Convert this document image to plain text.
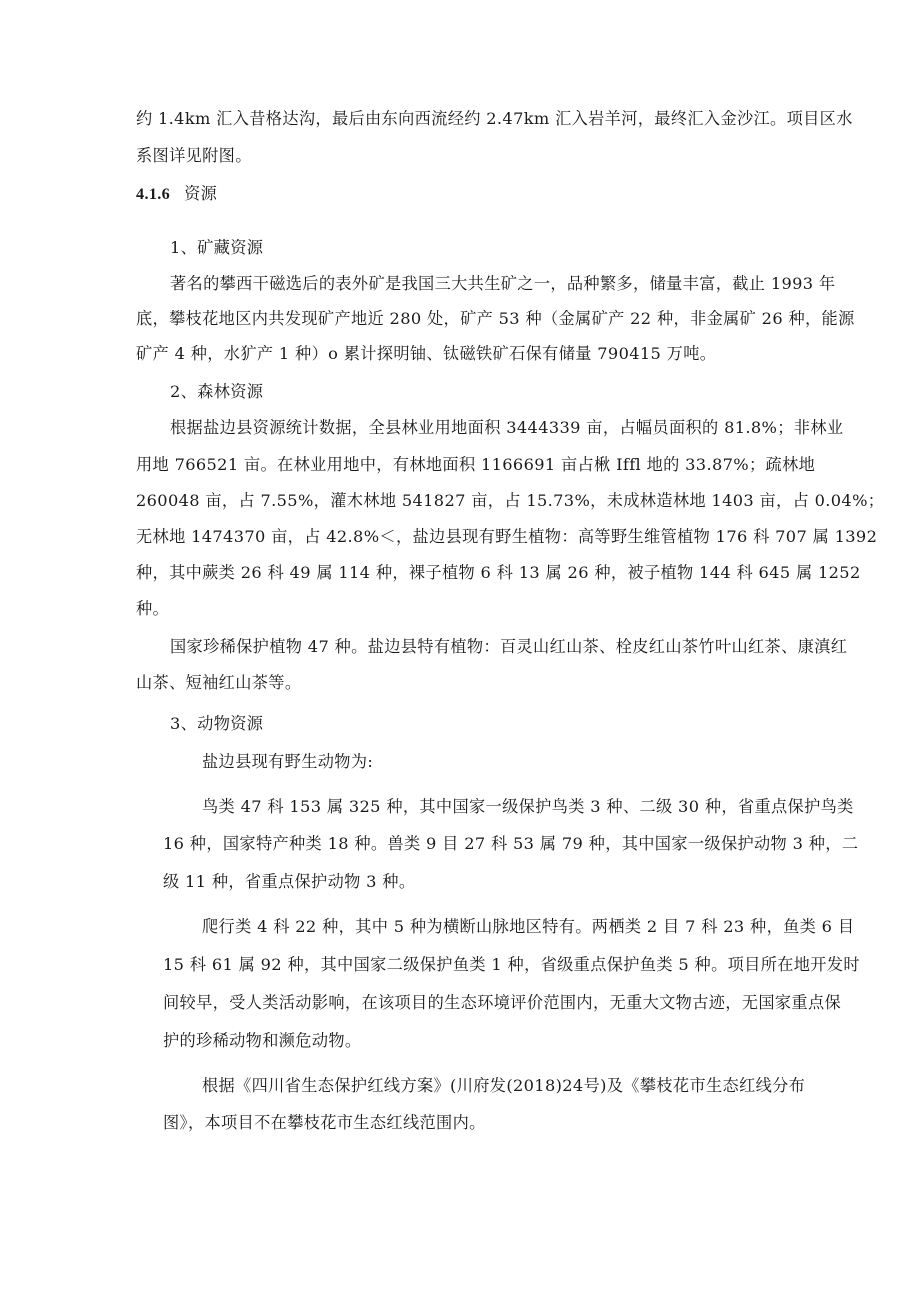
约 1.4km 汇入昔格达沟，最后由东向西流经约 2.47km 汇入岩羊河，最终汇入金沙江。项目区水
系图详见附图。
4.1.6 资源
1、矿藏资源
著名的攀西干磁选后的表外矿是我国三大共生矿之一，品种繁多，储量丰富，截止 1993 年
底，攀枝花地区内共发现矿产地近 280 处，矿产 53 种（金属矿产 22 种，非金属矿 26 种，能源
矿产 4 种，水犷产 1 种）o 累计探明铀、钛磁铁矿石保有储量 790415 万吨。
2、森林资源
根据盐边县资源统计数据，全县林业用地面积 3444339 亩，占幅员面积的 81.8%；非林业
用地 766521 亩。在林业用地中，有林地面积 1166691 亩占楸 Iffl 地的 33.87%；疏林地
260048 亩，占 7.55%，灌木林地 541827 亩，占 15.73%，未成林造林地 1403 亩，占 0.04%；
无林地 1474370 亩，占 42.8%＜，盐边县现有野生植物：高等野生维管植物 176 科 707 属 1392
种，其中蕨类 26 科 49 属 114 种，裸子植物 6 科 13 属 26 种，被子植物 144 科 645 属 1252
种。
国家珍稀保护植物 47 种。盐边县特有植物：百灵山红山茶、栓皮红山茶竹叶山红茶、康滇红
山茶、短袖红山茶等。
3、动物资源
盐边县现有野生动物为:
鸟类 47 科 153 属 325 种，其中国家一级保护鸟类 3 种、二级 30 种，省重点保护鸟类
16 种，国家特产种类 18 种。兽类 9 目 27 科 53 属 79 种，其中国家一级保护动物 3 种，二
级 11 种，省重点保护动物 3 种。
爬行类 4 科 22 种，其中 5 种为横断山脉地区特有。两栖类 2 目 7 科 23 种，鱼类 6 目
15 科 61 属 92 种，其中国家二级保护鱼类 1 种，省级重点保护鱼类 5 种。项目所在地开发时
间较早，受人类活动影响，在该项目的生态环境评价范围内，无重大文物古迹，无国家重点保
护的珍稀动物和濒危动物。
根据《四川省生态保护红线方案》(川府发(2018)24号)及《攀枝花市生态红线分布
图》，本项目不在攀枝花市生态红线范围内。
